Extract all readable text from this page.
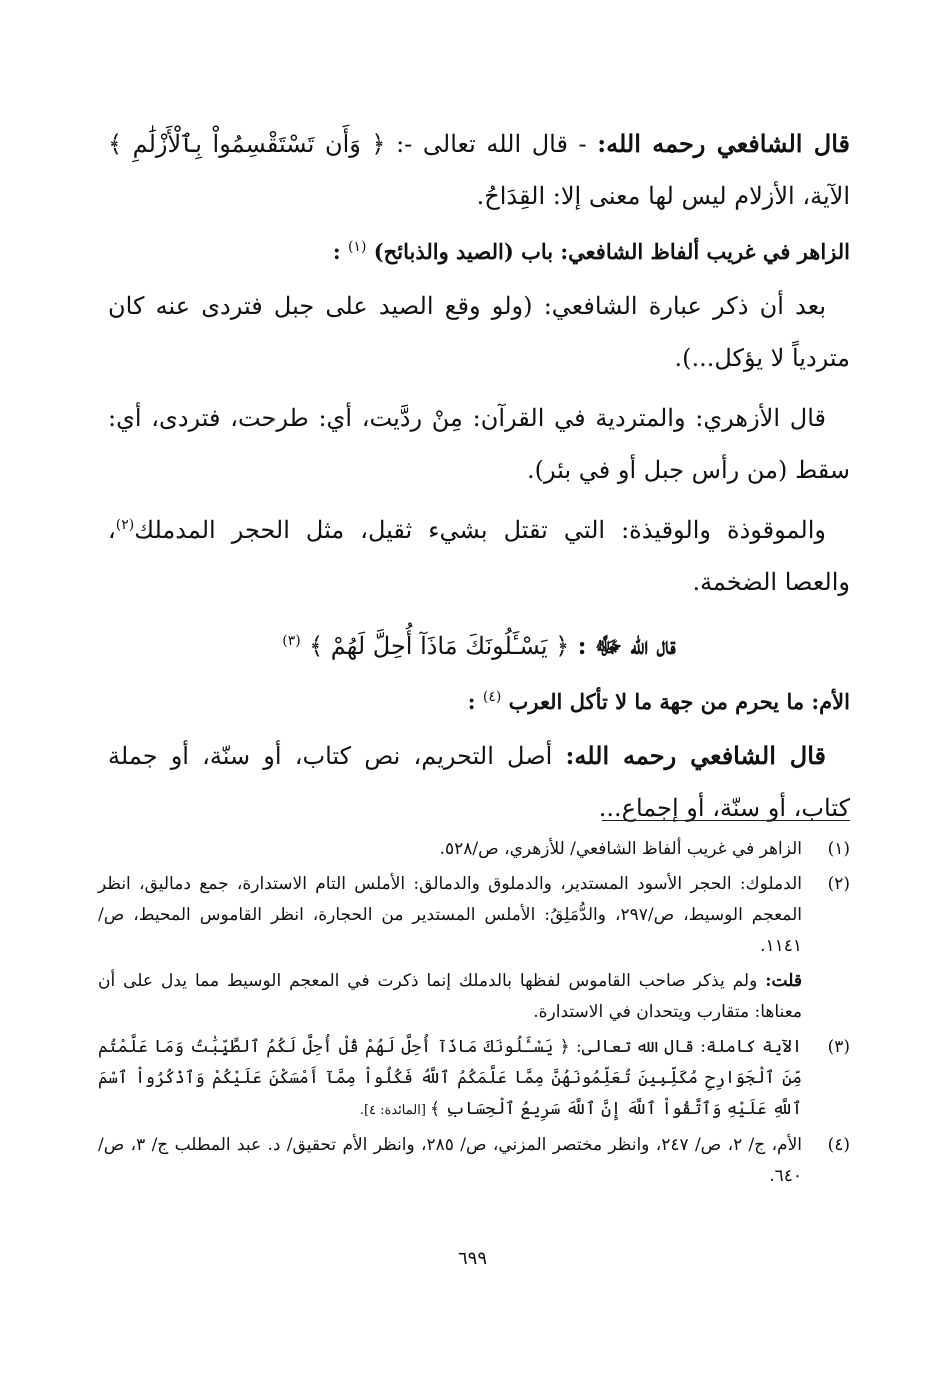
قال الشافعي رحمه الله: - قال الله تعالى -: ﴿ وَأَن تَسْتَقْسِمُواْ بِٱلْأَزْلَٰمِ ﴾ الآية، الأزلام ليس لها معنى إلا: القِدَاحُ.

الزاهر في غريب ألفاظ الشافعي: باب (الصيد والذبائح) $^{(١)}$ :

بعد أن ذكر عبارة الشافعي: (ولو وقع الصيد على جبل فتردى عنه كان متردياً لا يؤكل...).

قال الأزهري: والمتردية في القرآن: مِنْ ردَّيت، أي: طرحت، فتردى، أي: سقط (من رأس جبل أو في بئر).

والموقوذة والوقيذة: التي تقتل بشيء ثقيل، مثل الحجر المدملك$^{(٢)}$، والعصا الضخمة.

قال الله ﷻ : ﴿ يَسْـَٔلُونَكَ مَاذَآ أُحِلَّ لَهُمْ ﴾ $^{(٣)}$
الأم: ما يحرم من جهة ما لا تأكل العرب $^{(٤)}$ :

قال الشافعي رحمه الله: أصل التحريم، نص كتاب، أو سنّة، أو جملة كتاب، أو سنّة، أو إجماع...

(١)
الزاهر في غريب ألفاظ الشافعي/ للأزهري، ص/٥٢٨.
(٢)
الدملوك: الحجر الأسود المستدير، والدملوق والدمالق: الأملس التام الاستدارة، جمع دماليق، انظر المعجم الوسيط، ص/٢٩٧، والدُّمَلِقُ: الأملس المستدير من الحجارة، انظر القاموس المحيط، ص/ ١١٤١.
قلت: ولم يذكر صاحب القاموس لفظها بالدملك إنما ذكرت في المعجم الوسيط مما يدل على أن معناها: متقارب ويتحدان في الاستدارة.
(٣)
الآية كاملة: قال الله تعالى: ﴿ يَسْـَٔلُونَكَ مَاذَآ أُحِلَّ لَهُمْ قُلْ أُحِلَّ لَكُمُ ٱلطَّيِّبَٰتُ وَمَا عَلَّمْتُم مِّنَ ٱلْجَوَارِحِ مُكَلِّبِينَ تُعَلِّمُونَهُنَّ مِمَّا عَلَّمَكُمُ ٱللَّهُ فَكُلُواْ مِمَّآ أَمْسَكْنَ عَلَيْكُمْ وَٱذْكُرُواْ ٱسْمَ ٱللَّهِ عَلَيْهِ وَٱتَّقُواْ ٱللَّهَ إِنَّ ٱللَّهَ سَرِيعُ ٱلْحِسَابِ ﴾ [المائدة: ٤].
(٤)
الأم، ج/ ٢، ص/ ٢٤٧، وانظر مختصر المزني، ص/ ٢٨٥، وانظر الأم تحقيق/ د. عبد المطلب ج/ ٣، ص/ ٦٤٠.
٦٩٩
